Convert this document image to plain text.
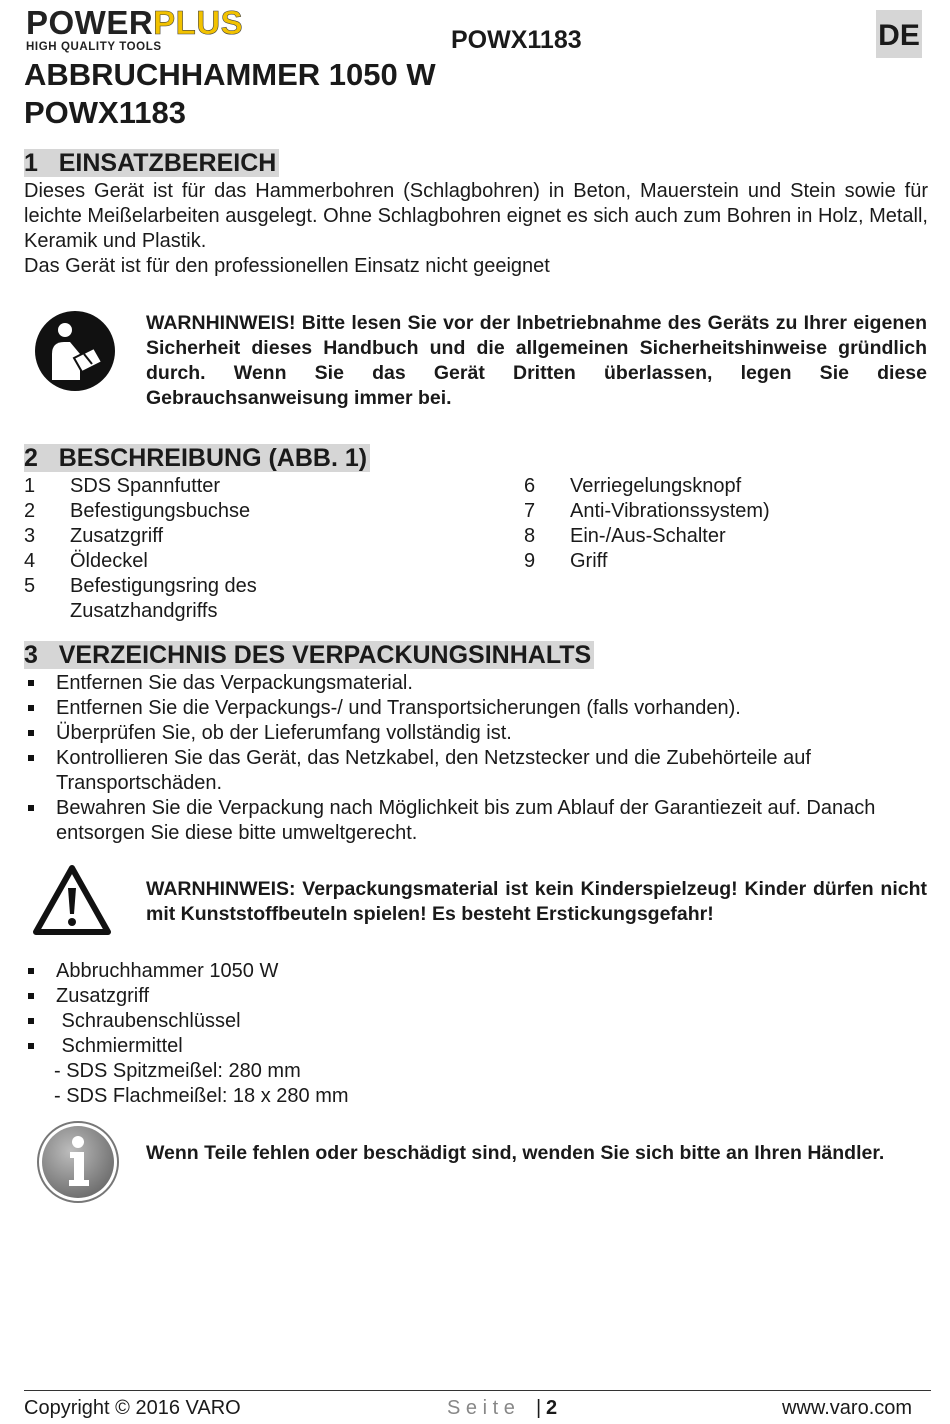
POWERPLUS
HIGH QUALITY TOOLS	POWX1183	DE
ABBRUCHHAMMER 1050 W
POWX1183
1   EINSATZBEREICH
Dieses Gerät ist für das Hammerbohren (Schlagbohren) in Beton, Mauerstein und Stein sowie für leichte Meißelarbeiten ausgelegt. Ohne Schlagbohren eignet es sich auch zum Bohren in Holz, Metall, Keramik und Plastik.
Das Gerät ist für den professionellen Einsatz nicht geeignet
WARNHINWEIS! Bitte lesen Sie vor der Inbetriebnahme des Geräts zu Ihrer eigenen Sicherheit dieses Handbuch und die allgemeinen Sicherheitshinweise gründlich durch. Wenn Sie das Gerät Dritten überlassen, legen Sie diese Gebrauchsanweisung immer bei.
2   BESCHREIBUNG (ABB. 1)
1 SDS Spannfutter
2 Befestigungsbuchse
3 Zusatzgriff
4 Öldeckel
5 Befestigungsring des
Zusatzhandgriffs
6 Verriegelungsknopf
7 Anti-Vibrationssystem)
8 Ein-/Aus-Schalter
9 Griff
3   VERZEICHNIS DES VERPACKUNGSINHALTS
Entfernen Sie das Verpackungsmaterial.
Entfernen Sie die Verpackungs-/ und Transportsicherungen (falls vorhanden).
Überprüfen Sie, ob der Lieferumfang vollständig ist.
Kontrollieren Sie das Gerät, das Netzkabel, den Netzstecker und die Zubehörteile auf Transportschäden.
Bewahren Sie die Verpackung nach Möglichkeit bis zum Ablauf der Garantiezeit auf. Danach entsorgen Sie diese bitte umweltgerecht.
WARNHINWEIS: Verpackungsmaterial ist kein Kinderspielzeug! Kinder dürfen nicht mit Kunststoffbeuteln spielen! Es besteht Erstickungsgefahr!
Abbruchhammer 1050 W
Zusatzgriff
Schraubenschlüssel
Schmiermittel
- SDS Spitzmeißel: 280 mm
- SDS Flachmeißel: 18 x 280 mm
Wenn Teile fehlen oder beschädigt sind, wenden Sie sich bitte an Ihren Händler.
Copyright © 2016 VARO	S e i t e | 2	www.varo.com
